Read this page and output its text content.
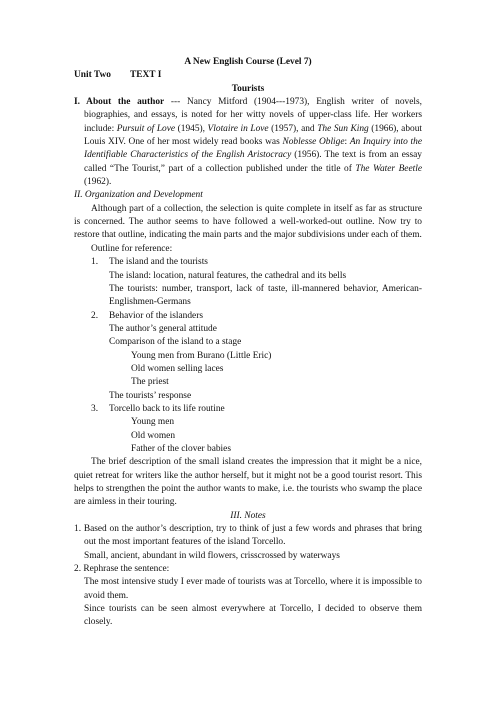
A New English Course (Level 7)

Unit Two	TEXT I

Tourists

I. About the author --- Nancy Mitford (1904---1973), English writer of novels, biographies, and essays, is noted for her witty novels of upper-class life. Her workers include: Pursuit of Love (1945), Vlotaire in Love (1957), and The Sun King (1966), about Louis XIV. One of her most widely read books was Noblesse Oblige: An Inquiry into the Identifiable Characteristics of the English Aristocracy (1956). The text is from an essay called “The Tourist,” part of a collection published under the title of The Water Beetle (1962).

II. Organization and Development

Although part of a collection, the selection is quite complete in itself as far as structure is concerned. The author seems to have followed a well-worked-out outline. Now try to restore that outline, indicating the main parts and the major subdivisions under each of them.

Outline for reference:

1. The island and the tourists

The island: location, natural features, the cathedral and its bells

The tourists: number, transport, lack of taste, ill-mannered behavior, American-Englishmen-Germans

2. Behavior of the islanders

The author’s general attitude

Comparison of the island to a stage

Young men from Burano (Little Eric)

Old women selling laces

The priest

The tourists’ response

3. Torcello back to its life routine

Young men

Old women

Father of the clover babies

The brief description of the small island creates the impression that it might be a nice, quiet retreat for writers like the author herself, but it might not be a good tourist resort. This helps to strengthen the point the author wants to make, i.e. the tourists who swamp the place are aimless in their touring.

III. Notes

1. Based on the author’s description, try to think of just a few words and phrases that bring out the most important features of the island Torcello.

Small, ancient, abundant in wild flowers, crisscrossed by waterways

2. Rephrase the sentence:

The most intensive study I ever made of tourists was at Torcello, where it is impossible to avoid them.

Since tourists can be seen almost everywhere at Torcello, I decided to observe them closely.
